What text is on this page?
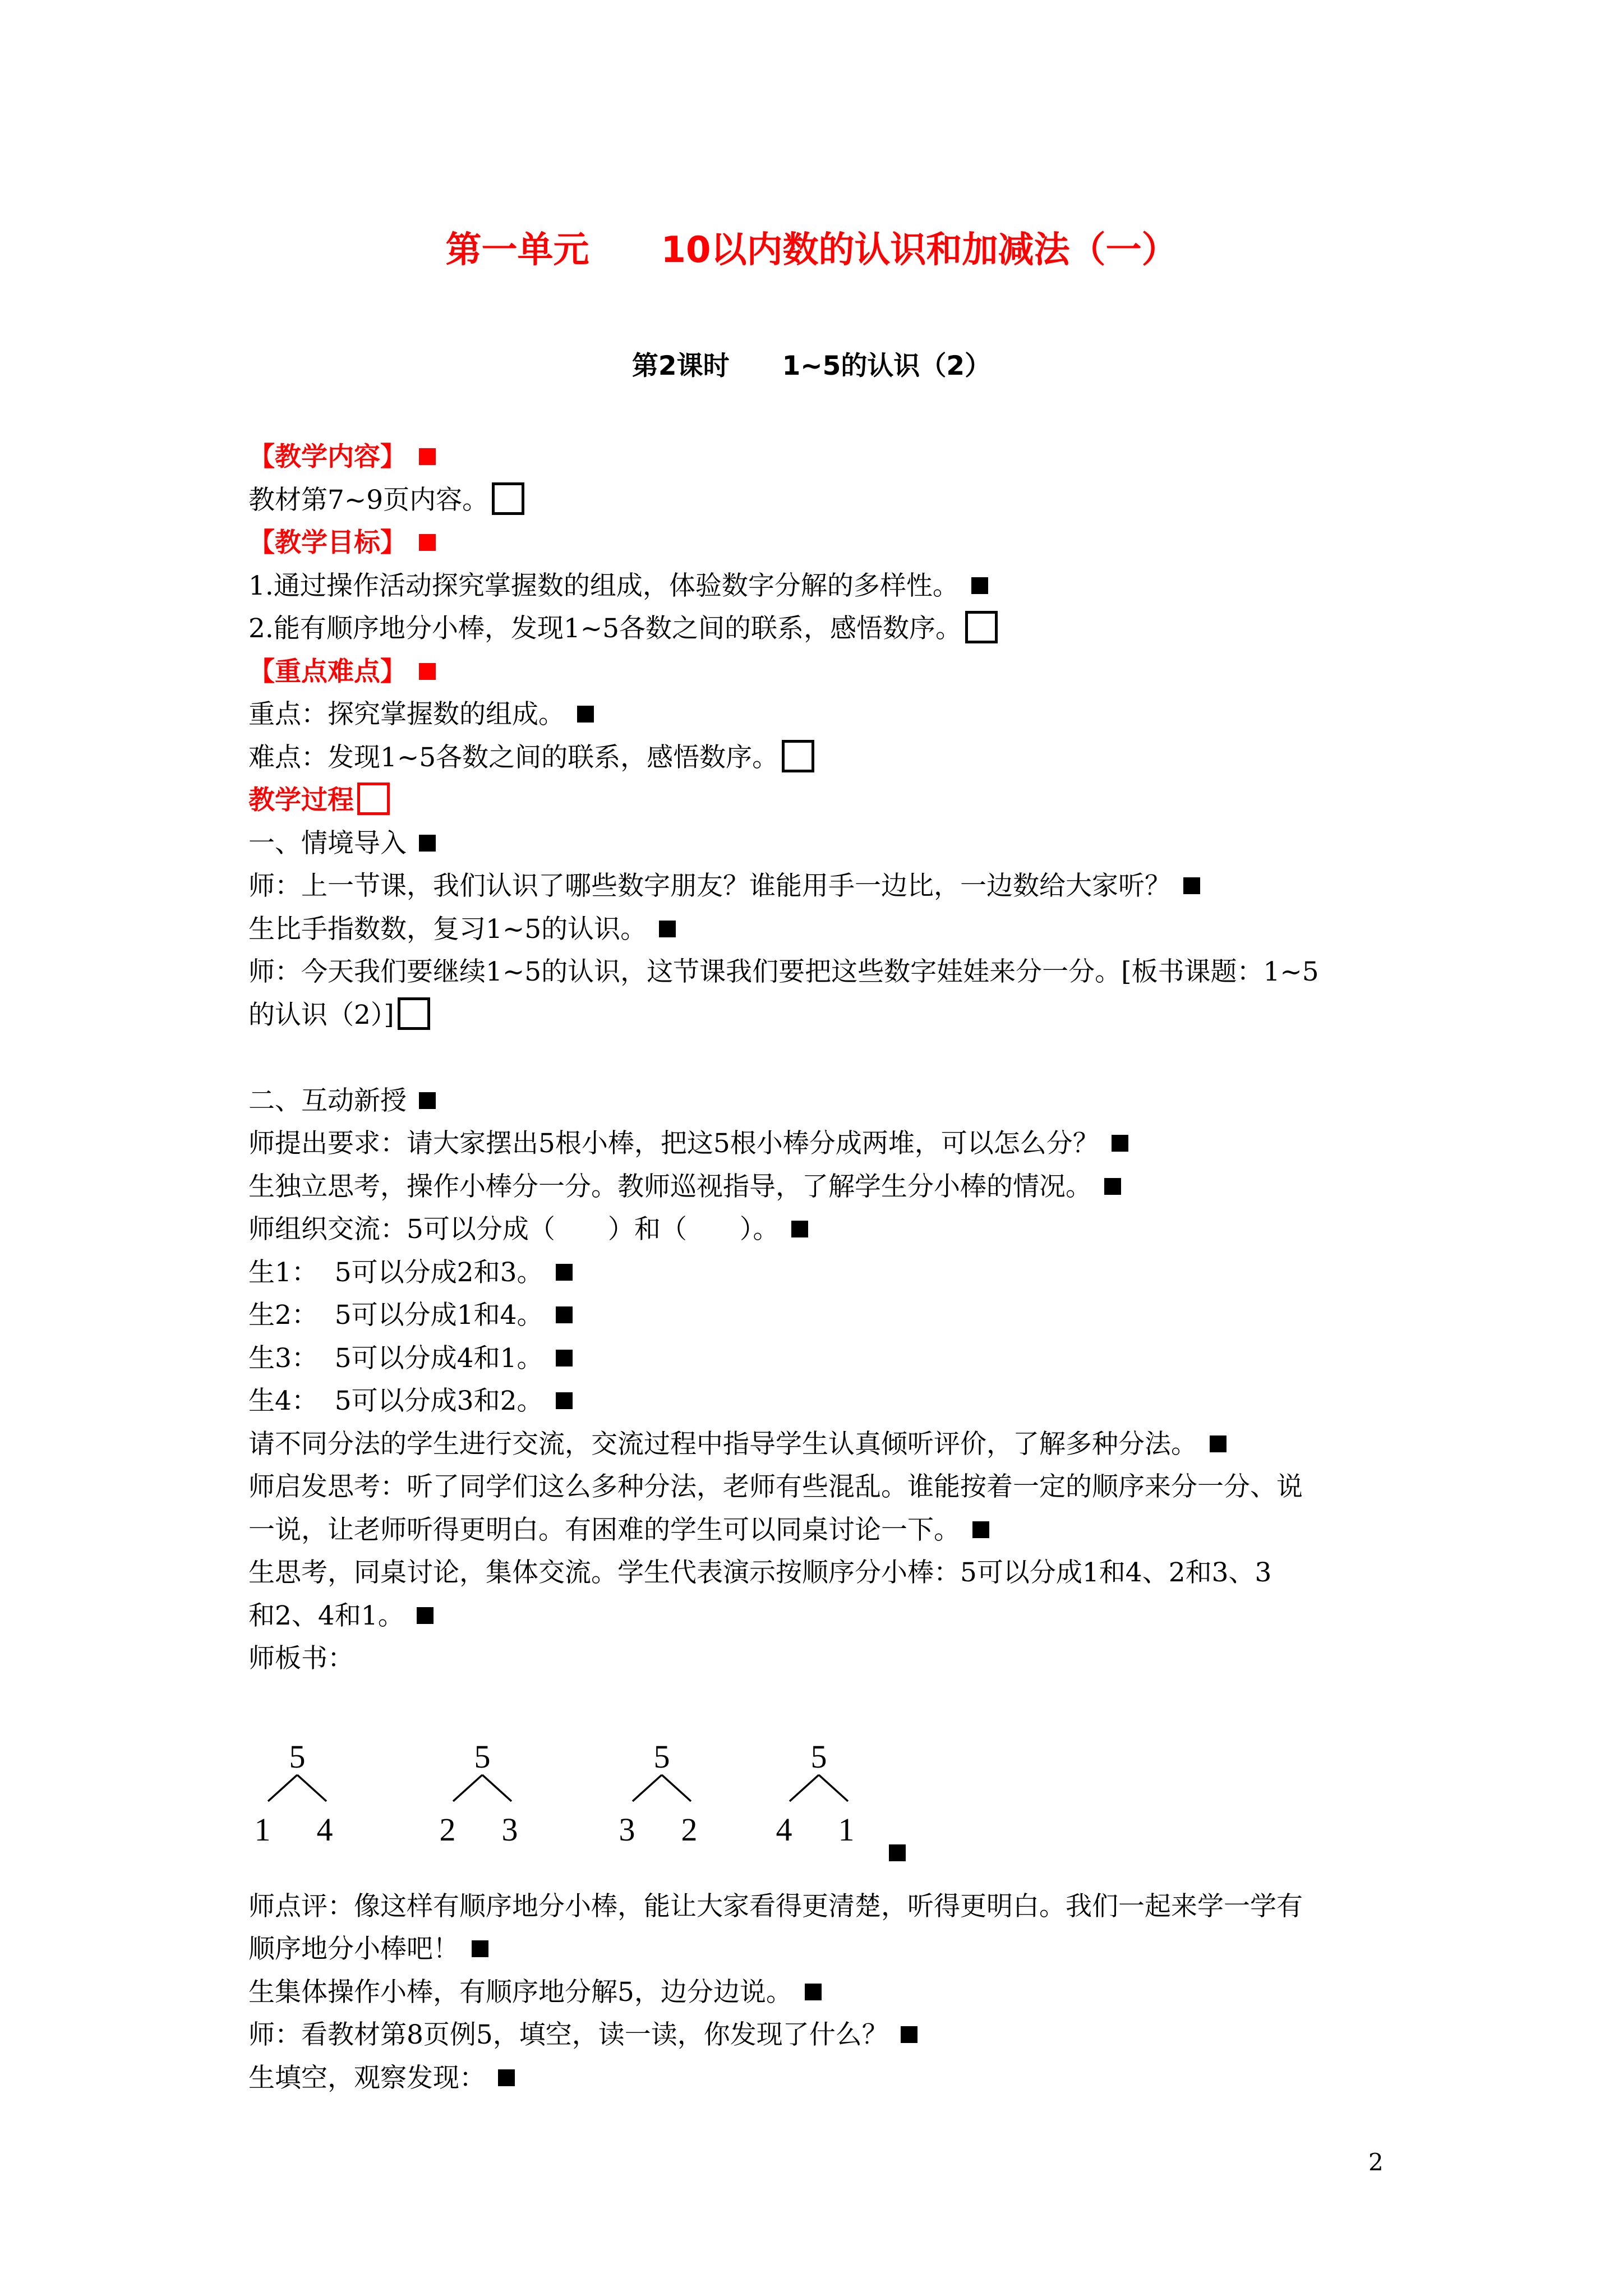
第一单元　　10以内数的认识和加减法（一）
第2课时　　1~5的认识（2）

【教学内容】

教材第7~9页内容。

【教学目标】

1.通过操作活动探究掌握数的组成，体验数字分解的多样性。

2.能有顺序地分小棒，发现1~5各数之间的联系，感悟数序。

【重点难点】

重点：探究掌握数的组成。

难点：发现1~5各数之间的联系，感悟数序。

教学过程

一、情境导入

师：上一节课，我们认识了哪些数字朋友？谁能用手一边比，一边数给大家听？

生比手指数数，复习1~5的认识。

师：今天我们要继续1~5的认识，这节课我们要把这些数字娃娃来分一分。[板书课题：1~5

的认识（2）]

二、互动新授

师提出要求：请大家摆出5根小棒，把这5根小棒分成两堆，可以怎么分？

生独立思考，操作小棒分一分。教师巡视指导，了解学生分小棒的情况。

师组织交流：5可以分成（　　）和（　　）。

生1：  5可以分成2和3。

生2：  5可以分成1和4。

生3：  5可以分成4和1。

生4：  5可以分成3和2。

请不同分法的学生进行交流，交流过程中指导学生认真倾听评价，了解多种分法。

师启发思考：听了同学们这么多种分法，老师有些混乱。谁能按着一定的顺序来分一分、说

一说，让老师听得更明白。有困难的学生可以同桌讨论一下。

生思考，同桌讨论，集体交流。学生代表演示按顺序分小棒：5可以分成1和4、2和3、3

和2、4和1。

师板书：

5
1 4
5
2 3
5
3 2
5
4 1

师点评：像这样有顺序地分小棒，能让大家看得更清楚，听得更明白。我们一起来学一学有

顺序地分小棒吧！

生集体操作小棒，有顺序地分解5，边分边说。

师：看教材第8页例5，填空，读一读，你发现了什么？

生填空，观察发现：

2
